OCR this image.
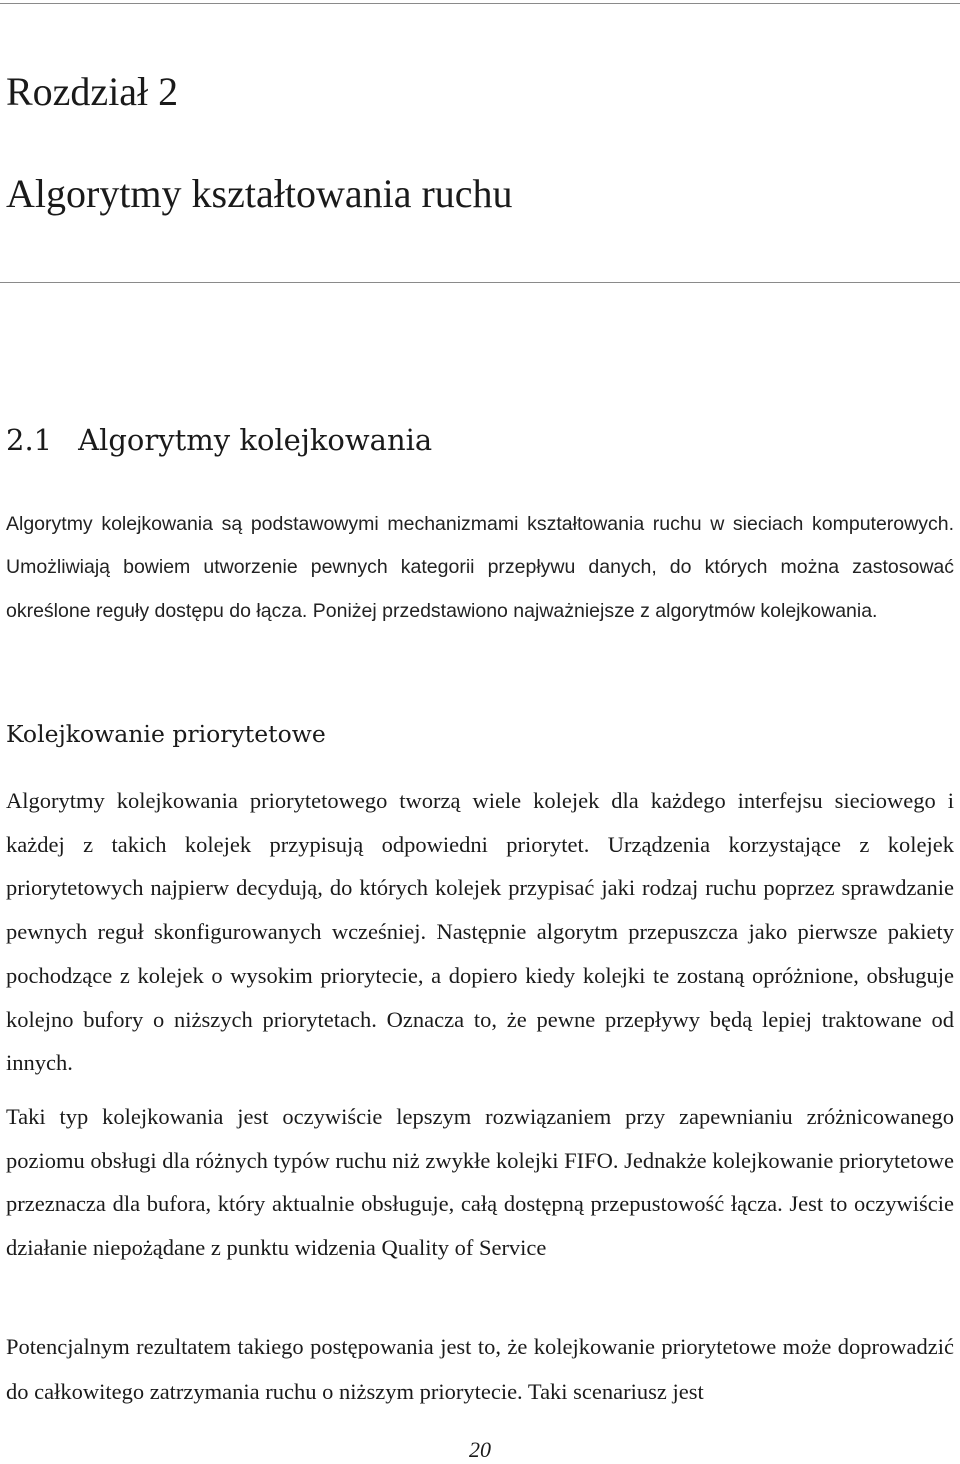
Rozdział 2
Algorytmy kształtowania ruchu
2.1 Algorytmy kolejkowania

Algorytmy kolejkowania są podstawowymi mechanizmami kształtowania ruchu w sieciach komputerowych. Umożliwiają bowiem utworzenie pewnych kategorii przepływu danych, do których można zastosować określone reguły dostępu do łącza. Poniżej przedstawiono najważniejsze z algorytmów kolejkowania.

Kolejkowanie priorytetowe

Algorytmy kolejkowania priorytetowego tworzą wiele kolejek dla każdego interfejsu sieciowego i każdej z takich kolejek przypisują odpowiedni priorytet. Urządzenia korzystające z kolejek priorytetowych najpierw decydują, do których kolejek przypisać jaki rodzaj ruchu poprzez sprawdzanie pewnych reguł skonfigurowanych wcześniej. Następnie algorytm przepuszcza jako pierwsze pakiety pochodzące z kolejek o wysokim priorytecie, a dopiero kiedy kolejki te zostaną opróżnione, obsługuje kolejno bufory o niższych priorytetach. Oznacza to, że pewne przepływy będą lepiej traktowane od innych.

Taki typ kolejkowania jest oczywiście lepszym rozwiązaniem przy zapewnianiu zróżnicowanego poziomu obsługi dla różnych typów ruchu niż zwykłe kolejki FIFO. Jednakże kolejkowanie priorytetowe przeznacza dla bufora, który aktualnie obsługuje, całą dostępną przepustowość łącza. Jest to oczywiście działanie niepożądane z punktu widzenia Quality of Service

Potencjalnym rezultatem takiego postępowania jest to, że kolejkowanie priorytetowe może doprowadzić do całkowitego zatrzymania ruchu o niższym priorytecie. Taki scenariusz jest

20
